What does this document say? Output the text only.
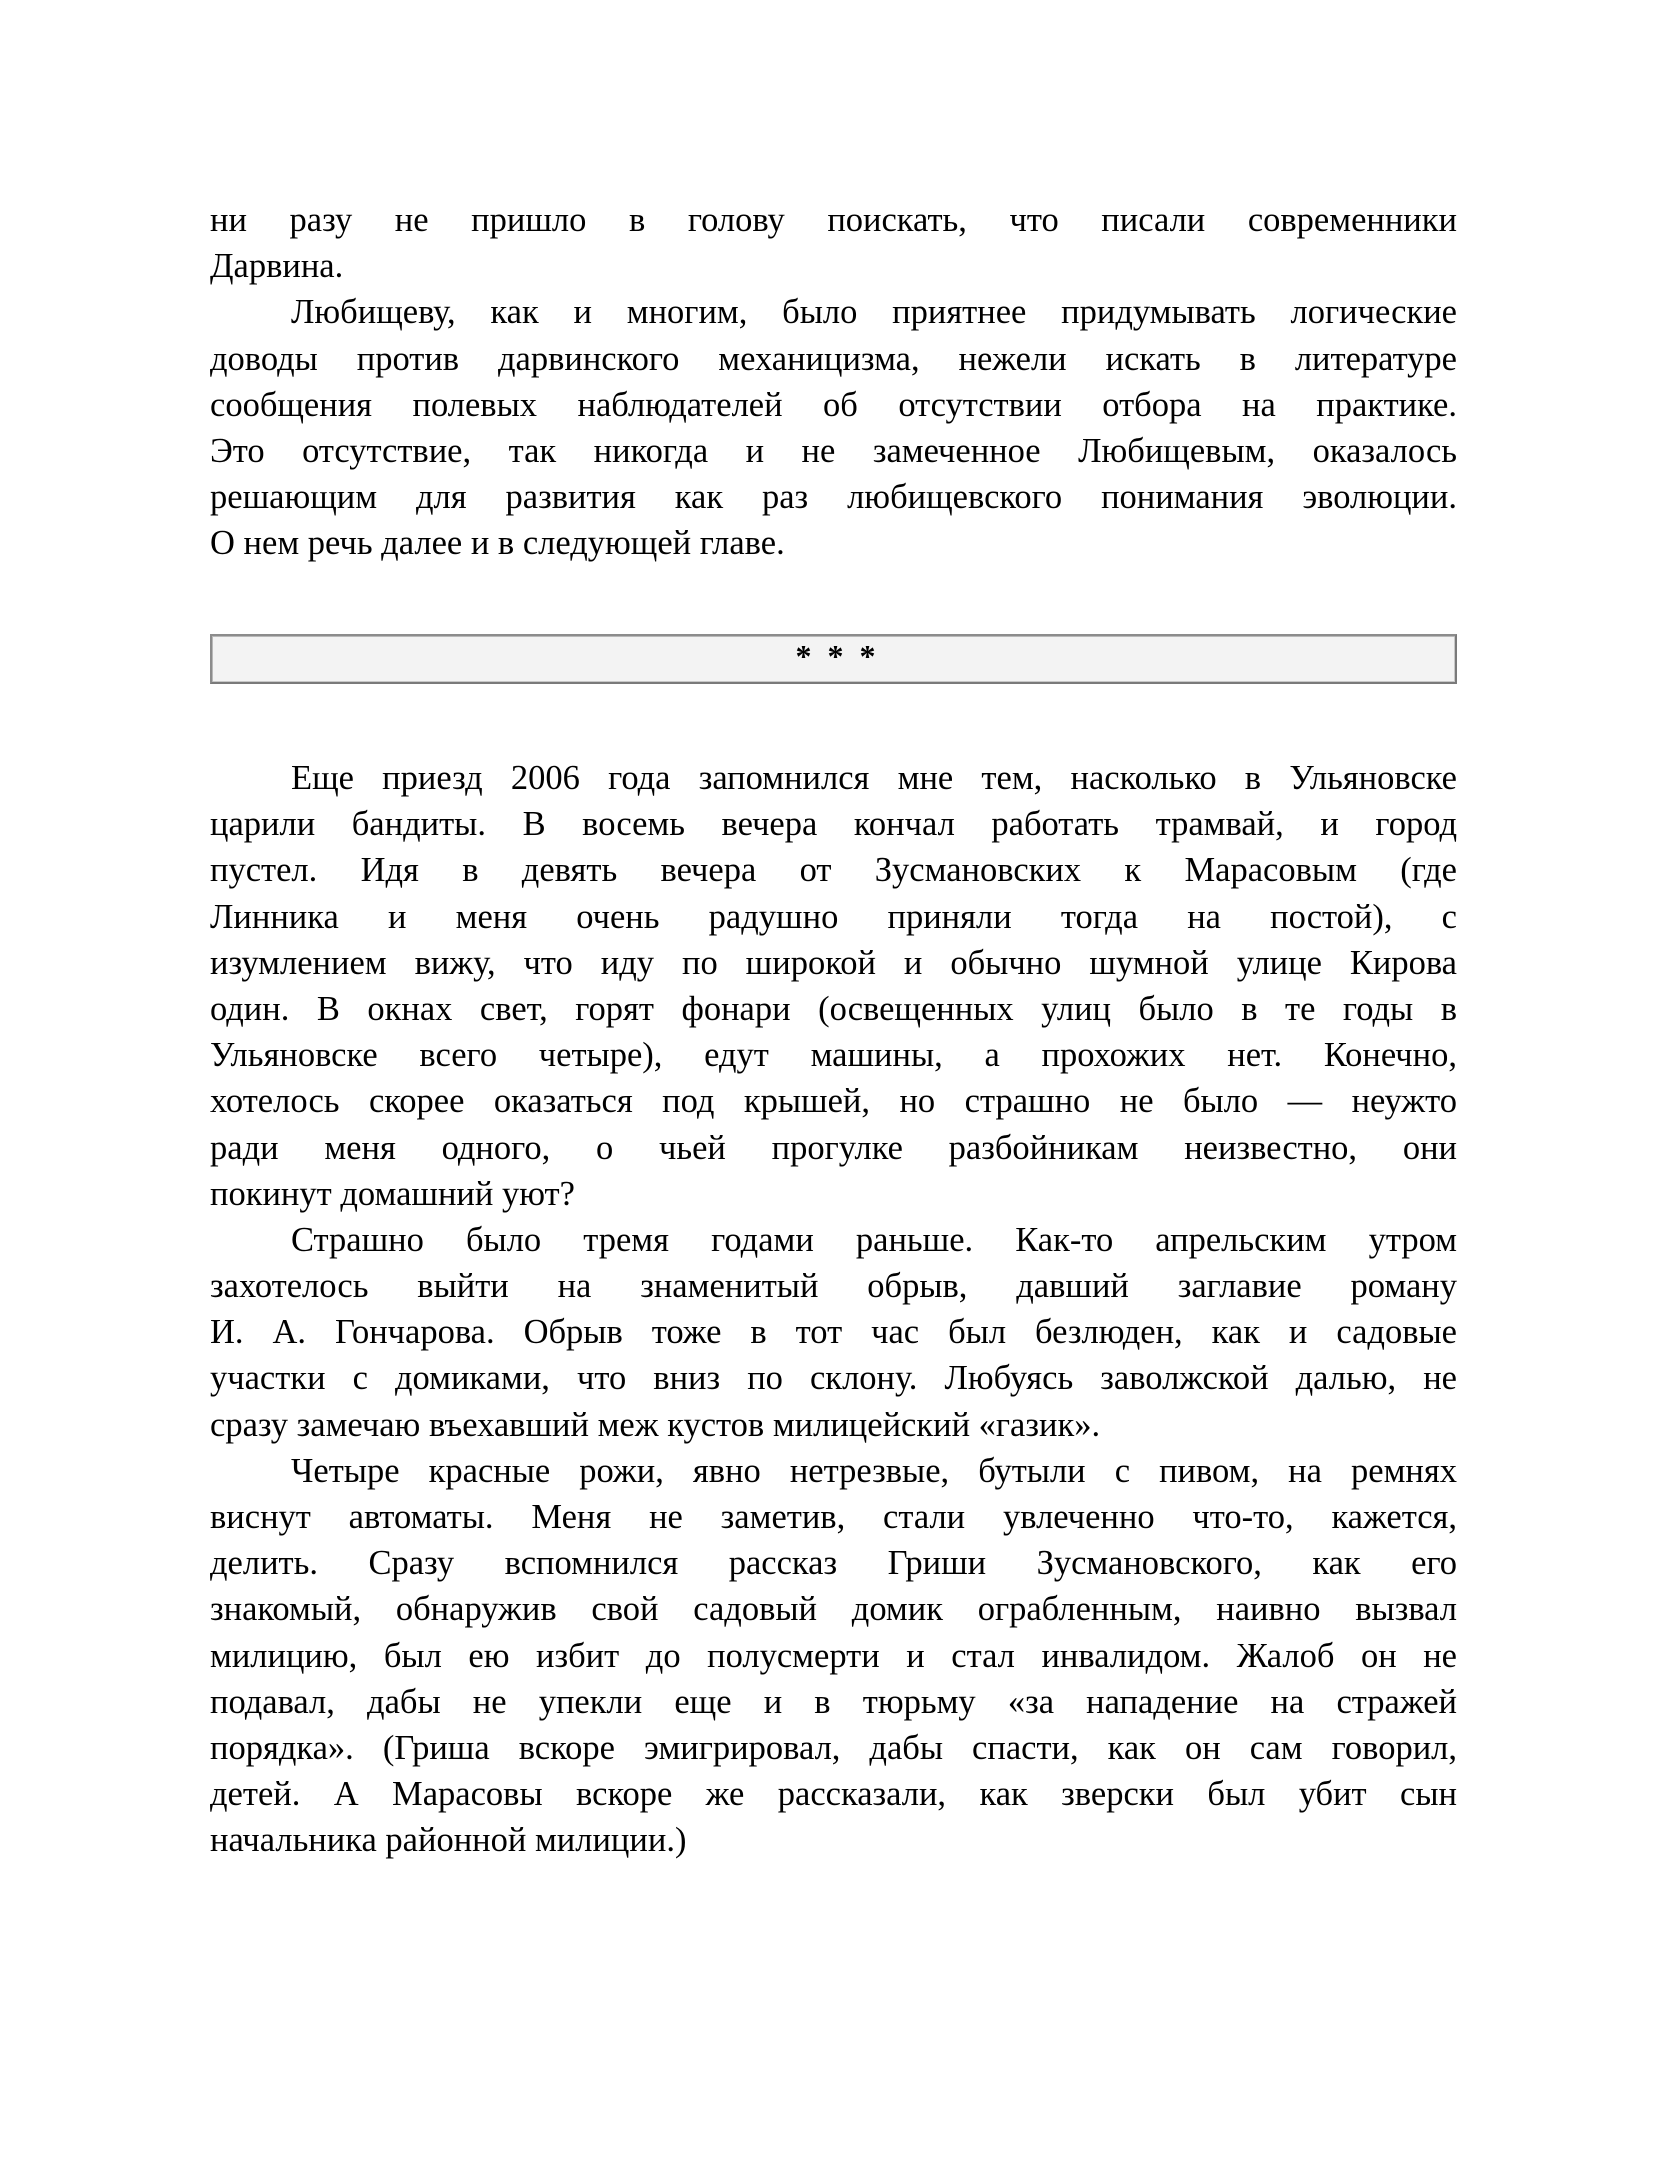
ни разу не пришло в голову поискать, что писали современники
Дарвина.
Любищеву, как и многим, было приятнее придумывать логические
доводы против дарвинского механицизма, нежели искать в литературе
сообщения полевых наблюдателей об отсутствии отбора на практике.
Это отсутствие, так никогда и не замеченное Любищевым, оказалось
решающим для развития как раз любищевского понимания эволюции.
О нем речь далее и в следующей главе.
* * *
Еще приезд 2006 года запомнился мне тем, насколько в Ульяновске
царили бандиты. В восемь вечера кончал работать трамвай, и город
пустел. Идя в девять вечера от Зусмановских к Марасовым (где
Линника и меня очень радушно приняли тогда на постой), с
изумлением вижу, что иду по широкой и обычно шумной улице Кирова
один. В окнах свет, горят фонари (освещенных улиц было в те годы в
Ульяновске всего четыре), едут машины, а прохожих нет. Конечно,
хотелось скорее оказаться под крышей, но страшно не было — неужто
ради меня одного, о чьей прогулке разбойникам неизвестно, они
покинут домашний уют?
Страшно было тремя годами раньше. Как-то апрельским утром
захотелось выйти на знаменитый обрыв, давший заглавие роману
И. А. Гончарова. Обрыв тоже в тот час был безлюден, как и садовые
участки с домиками, что вниз по склону. Любуясь заволжской далью, не
сразу замечаю въехавший меж кустов милицейский «газик».
Четыре красные рожи, явно нетрезвые, бутыли с пивом, на ремнях
виснут автоматы. Меня не заметив, стали увлеченно что-то, кажется,
делить. Сразу вспомнился рассказ Гриши Зусмановского, как его
знакомый, обнаружив свой садовый домик ограбленным, наивно вызвал
милицию, был ею избит до полусмерти и стал инвалидом. Жалоб он не
подавал, дабы не упекли еще и в тюрьму «за нападение на стражей
порядка». (Гриша вскоре эмигрировал, дабы спасти, как он сам говорил,
детей. А Марасовы вскоре же рассказали, как зверски был убит сын
начальника районной милиции.)
